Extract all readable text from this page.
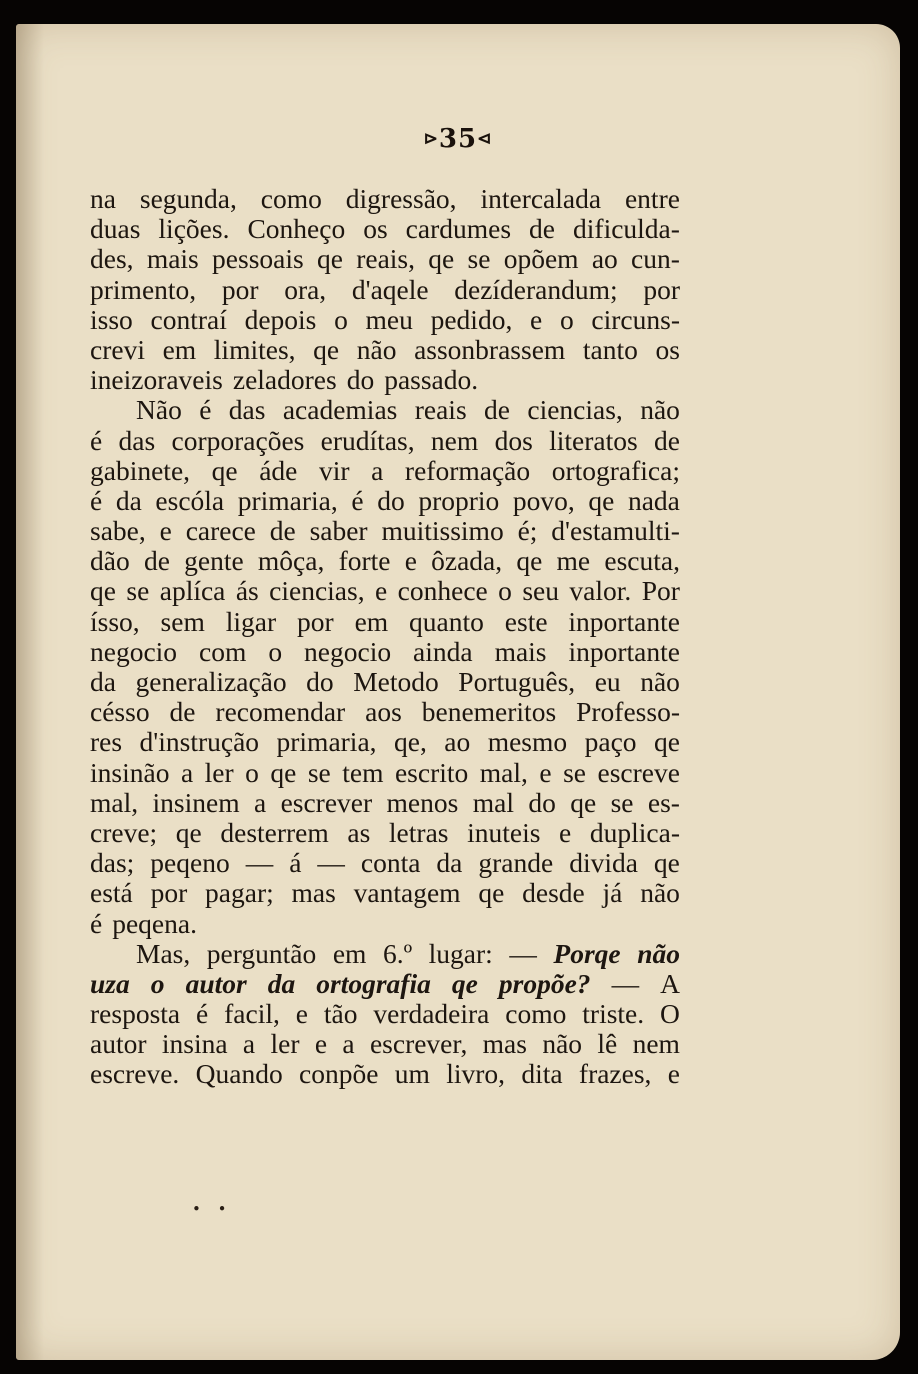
⊳35⊲
na segunda, como digressão, intercalada entre
duas lições. Conheço os cardumes de dificulda-
des, mais pessoais qe reais, qe se opõem ao cun-
primento, por ora, d'aqele dezíderandum; por
isso contraí depois o meu pedido, e o circuns-
crevi em limites, qe não assonbrassem tanto os
ineizoraveis zeladores do passado.
Não é das academias reais de ciencias, não
é das corporações erudítas, nem dos literatos de
gabinete, qe áde vir a reformação ortografica;
é da escóla primaria, é do proprio povo, qe nada
sabe, e carece de saber muitissimo é; d'estamulti-
dão de gente môça, forte e ôzada, qe me escuta,
qe se aplíca ás ciencias, e conhece o seu valor. Por
ísso, sem ligar por em quanto este inportante
negocio com o negocio ainda mais inportante
da generalização do Metodo Português, eu não
césso de recomendar aos benemeritos Professo-
res d'instrução primaria, qe, ao mesmo paço qe
insinão a ler o qe se tem escrito mal, e se escreve
mal, insinem a escrever menos mal do qe se es-
creve; qe desterrem as letras inuteis e duplica-
das; peqeno — á — conta da grande divida qe
está por pagar; mas vantagem qe desde já não
é peqena.
Mas, perguntão em 6.º lugar: — Porqe não
uza o autor da ortografia qe propõe? — A
resposta é facil, e tão verdadeira como triste. O
autor insina a ler e a escrever, mas não lê nem
escreve. Quando conpõe um livro, dita frazes, e
• •
